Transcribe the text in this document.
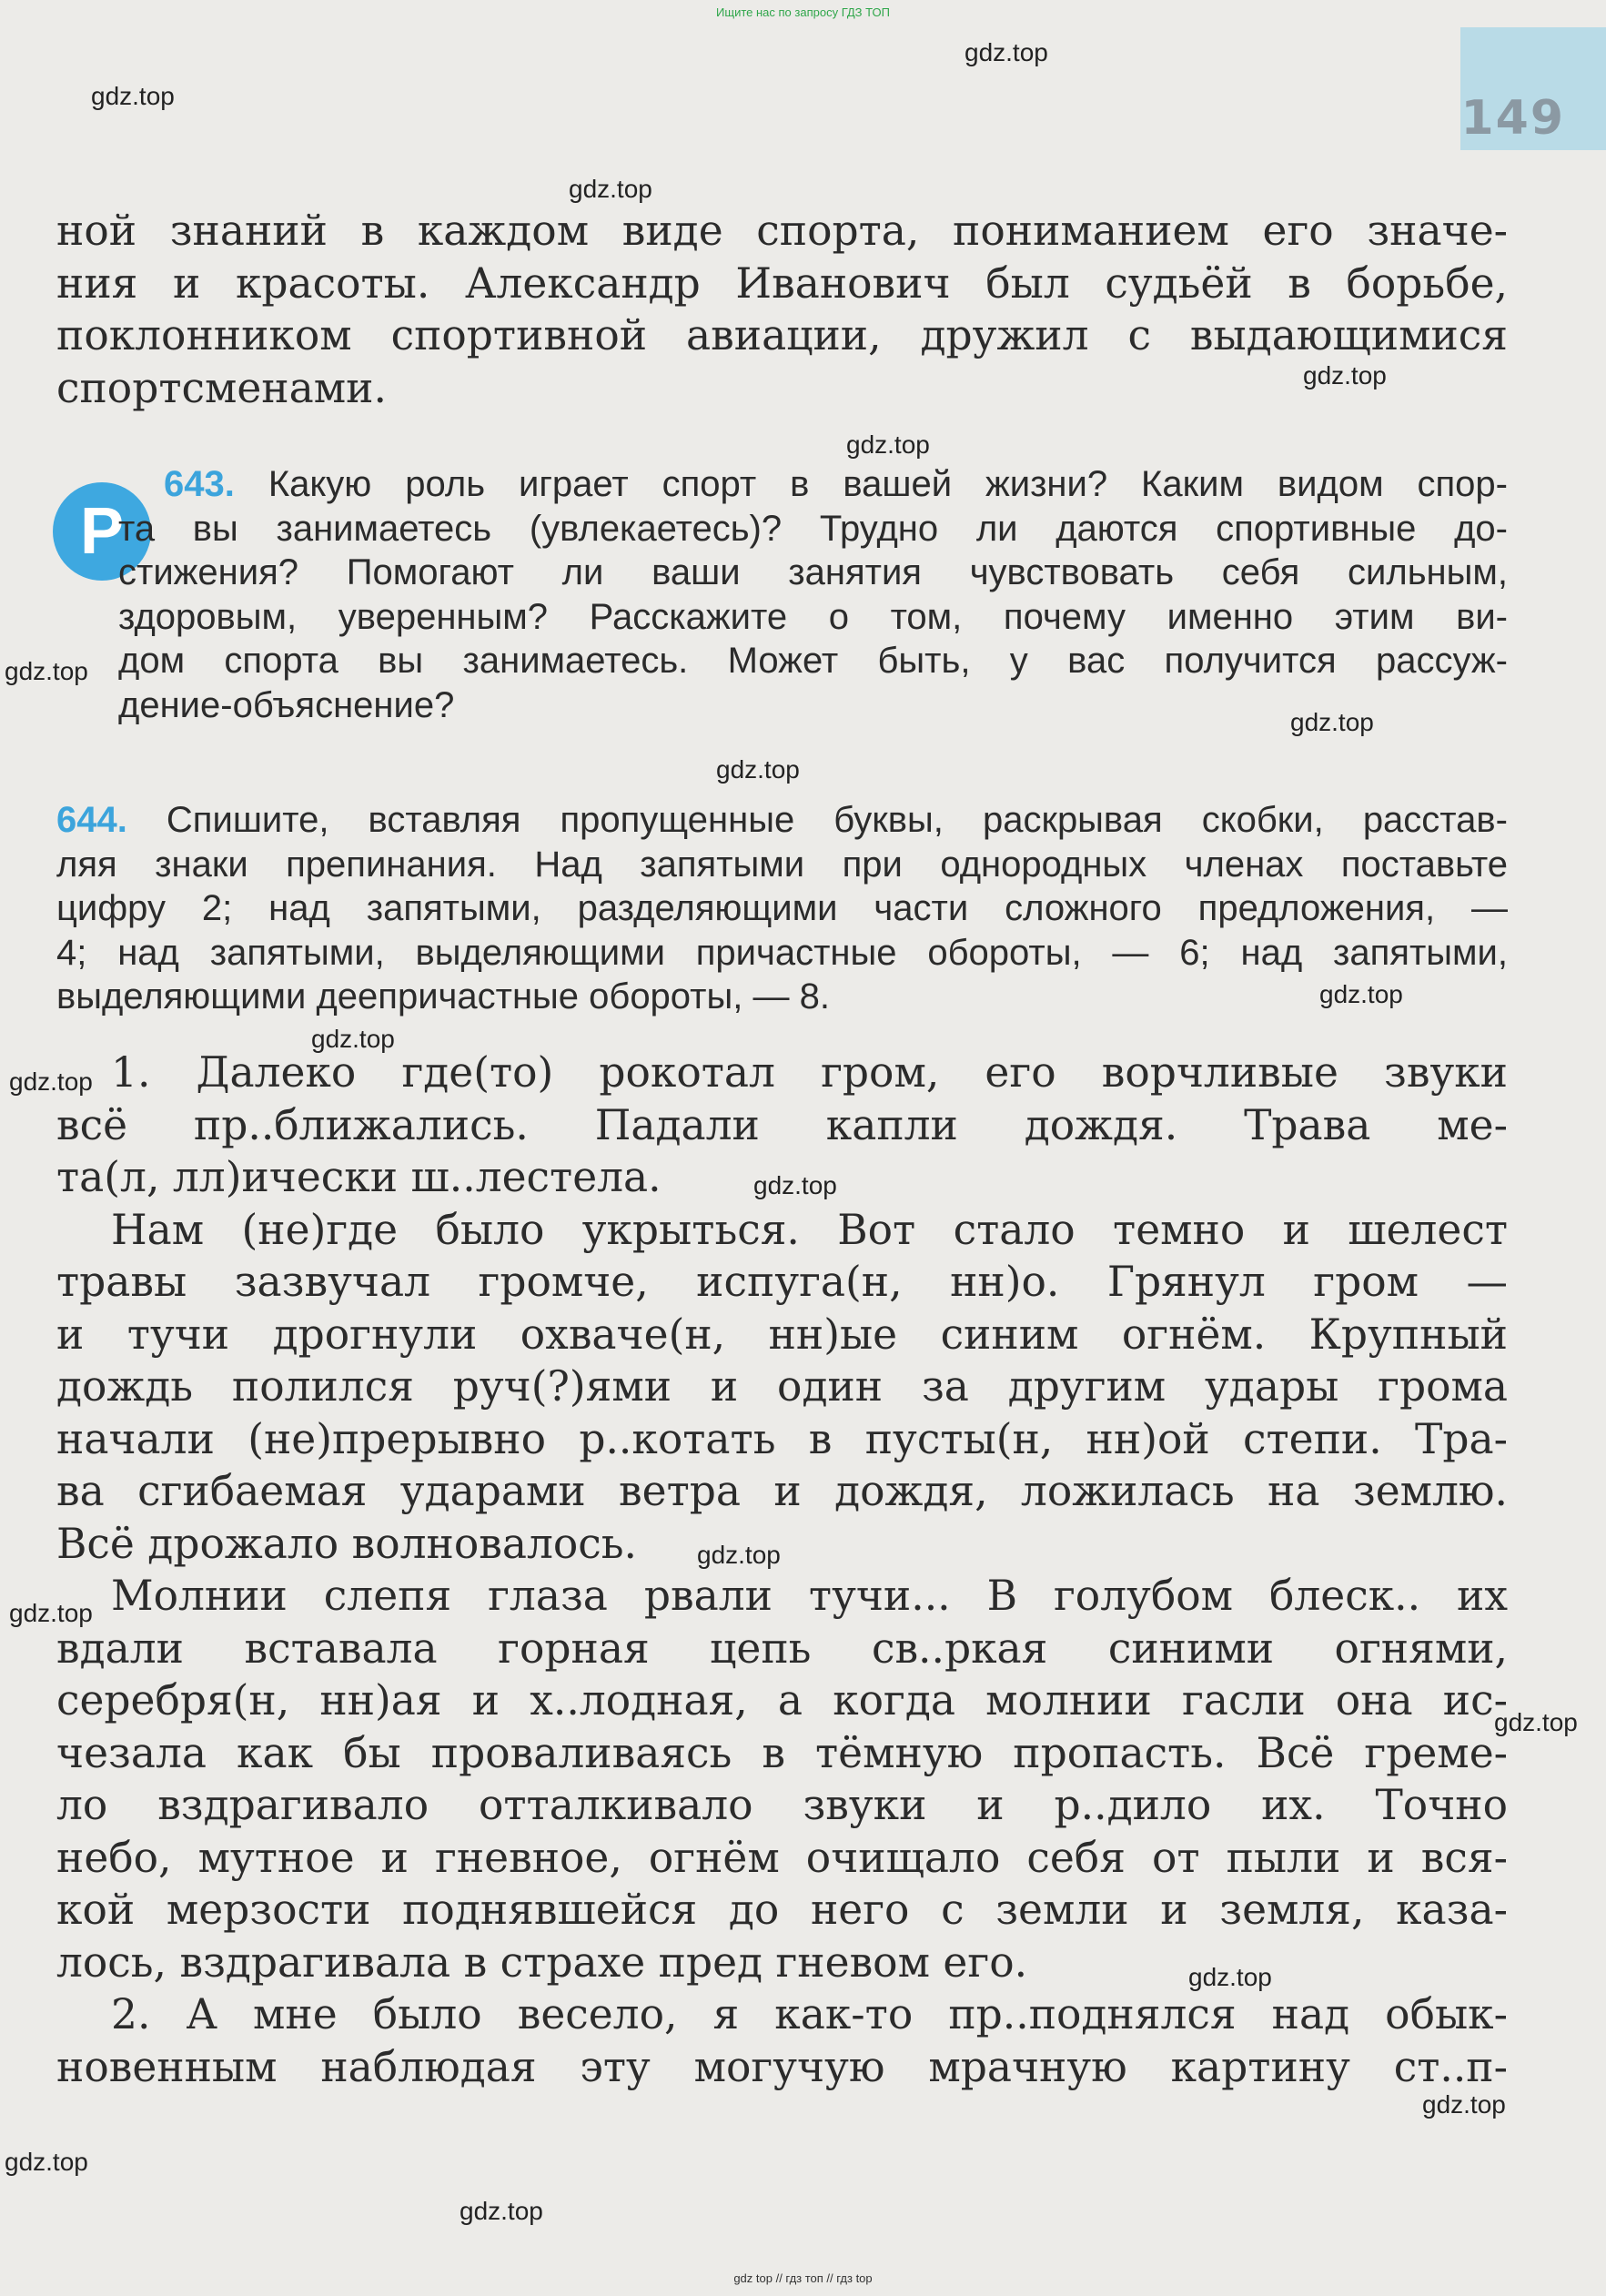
Ищите нас по запросу ГДЗ ТОП
149
ной знаний в каждом виде спорта, пониманием его значе-
ния и красоты. Александр Иванович был судьёй в борьбе,
поклонником спортивной авиации, дружил с выдающимися
спортсменами.
Р
643. Какую роль играет спорт в вашей жизни? Каким видом спор-
та вы занимаетесь (увлекаетесь)? Трудно ли даются спортивные до-
стижения? Помогают ли ваши занятия чувствовать себя сильным,
здоровым, уверенным? Расскажите о том, почему именно этим ви-
дом спорта вы занимаетесь. Может быть, у вас получится рассуж-
дение-объяснение?
644. Спишите, вставляя пропущенные буквы, раскрывая скобки, расстав-
ляя знаки препинания. Над запятыми при однородных членах поставьте
цифру 2; над запятыми, разделяющими части сложного предложения, —
4; над запятыми, выделяющими причастные обороты, — 6; над запятыми,
выделяющими деепричастные обороты, — 8.
1. Далеко где(то) рокотал гром, его ворчливые звуки
всё пр..ближались. Падали капли дождя. Трава ме-
та(л, лл)ически ш..лестела.
Нам (не)где было укрыться. Вот стало темно и шелест
травы зазвучал громче, испуга(н, нн)о. Грянул гром —
и тучи дрогнули охваче(н, нн)ые синим огнём. Крупный
дождь полился руч(?)ями и один за другим удары грома
начали (не)прерывно р..котать в пусты(н, нн)ой степи. Тра-
ва сгибаемая ударами ветра и дождя, ложилась на землю.
Всё дрожало волновалось.
Молнии слепя глаза рвали тучи... В голубом блеск.. их
вдали вставала горная цепь св..ркая синими огнями,
серебря(н, нн)ая и х..лодная, а когда молнии гасли она ис-
чезала как бы проваливаясь в тёмную пропасть. Всё греме-
ло вздрагивало отталкивало звуки и р..дило их. Точно
небо, мутное и гневное, огнём очищало себя от пыли и вся-
кой мерзости поднявшейся до него с земли и земля, каза-
лось, вздрагивала в страхе пред гневом его.
2. А мне было весело, я как-то пр..поднялся над обык-
новенным наблюдая эту могучую мрачную картину ст..п-
gdz.top
gdz.top
gdz.top
gdz.top
gdz.top
gdz.top
gdz.top
gdz.top
gdz.top
gdz.top
gdz.top
gdz.top
gdz.top
gdz.top
gdz.top
gdz.top
gdz.top
gdz.top
gdz.top
gdz top // гдз топ // гдз top
